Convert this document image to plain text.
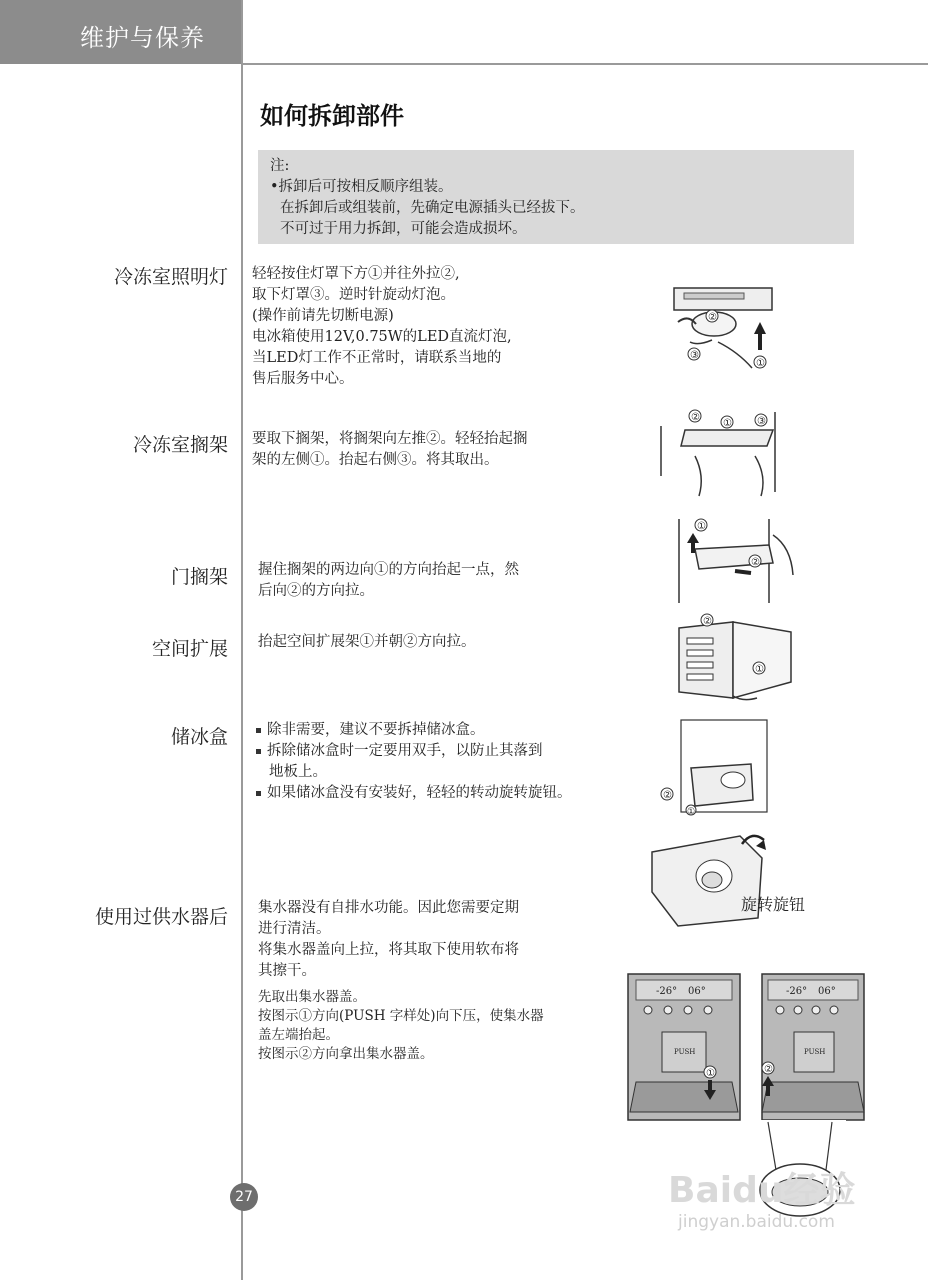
维护与保养
如何拆卸部件
注:
•拆卸后可按相反顺序组装。
在拆卸后或组装前，先确定电源插头已经拔下。
不可过于用力拆卸，可能会造成损坏。
冷冻室照明灯 轻轻按住灯罩下方①并往外拉②,
取下灯罩③。逆时针旋动灯泡。
(操作前请先切断电源)
电冰箱使用12V,0.75W的LED直流灯泡,
当LED灯工作不正常时，请联系当地的
售后服务中心。
②
③
①
冷冻室搁架 要取下搁架，将搁架向左推②。轻轻抬起搁
架的左侧①。抬起右侧③。将其取出。
②
①	③
门搁架 握住搁架的两边向①的方向抬起一点，然
后向②的方向拉。
①
②
空间扩展 抬起空间扩展架①并朝②方向拉。
②
①
储冰盒	除非需要，建议不要拆掉储冰盒。
拆除储冰盒时一定要用双手，以防止其落到
地板上。
如果储冰盒没有安装好，轻轻的转动旋转旋钮。	②
①
旋转旋钮
使用过供水器后 集水器没有自排水功能。因此您需要定期
进行清洁。
将集水器盖向上拉，将其取下使用软布将
其擦干。
先取出集水器盖。
按图示①方向(PUSH 字样处)向下压，使集水器
盖左端抬起。
按图示②方向拿出集水器盖。
-26° 06°
PUSH
①
-26° 06°
PUSH
②
Baidu经验
jingyan.baidu.com
27
